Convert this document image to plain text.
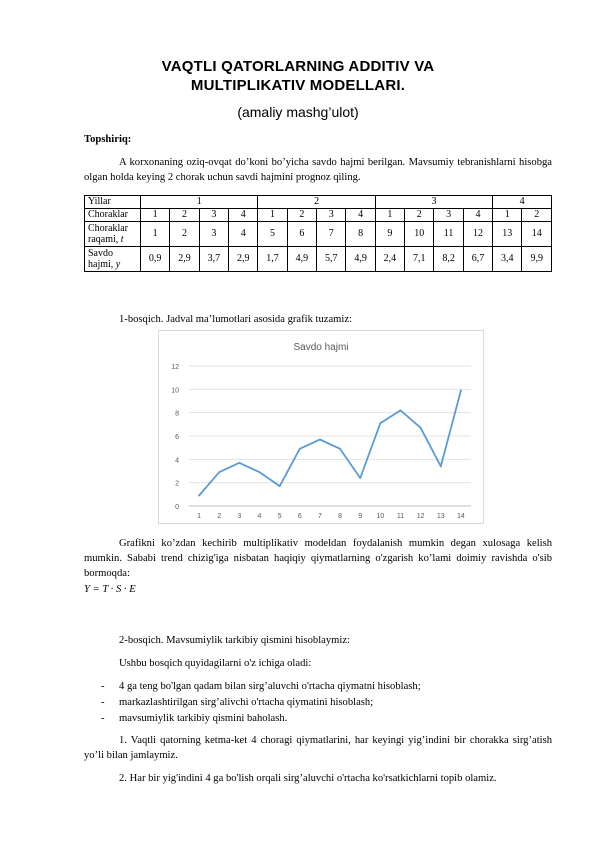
VAQTLI QATORLARNING ADDITIV VA
MULTIPLIKATIV MODELLARI.
(amaliy mashg’ulot)
Topshiriq:
A korxonaning oziq-ovqat do’koni bo’yicha savdo hajmi berilgan. Mavsumiy tebranishlarni hisobga olgan holda keying 2 chorak uchun savdi hajmini prognoz qiling.
Yillar	1				2				3				4	
Choraklar	1	2	3	4	1	2	3	4	1	2	3	4	1	2
Choraklar
raqami, t	1	2	3	4	5	6	7	8	9	10	11	12	13	14
Savdo
hajmi, y	0,9	2,9	3,7	2,9	1,7	4,9	5,7	4,9	2,4	7,1	8,2	6,7	3,4	9,9
1-bosqich. Jadval ma’lumotlari asosida grafik tuzamiz:
Savdo hajmi
0
2
4
6
8
10
12
1 2 3 4 5 6 7 8 9 10 11 12 13 14
Grafikni ko’zdan kechirib multiplikativ modeldan foydalanish mumkin degan xulosaga kelish mumkin. Sababi trend chizig'iga nisbatan haqiqiy qiymatlarning o'zgarish ko’lami doimiy ravishda o'sib bormoqda:
Y = T · S · E
2-bosqich. Mavsumiylik tarkibiy qismini hisoblaymiz:
Ushbu bosqich quyidagilarni o'z ichiga oladi:
- 4 ga teng bo'lgan qadam bilan sirg’aluvchi o'rtacha qiymatni hisoblash;
- markazlashtirilgan sirg’alivchi o'rtacha qiymatini hisoblash;
- mavsumiylik tarkibiy qismini baholash.
1. Vaqtli qatorning ketma-ket 4 choragi qiymatlarini, har keyingi yig’indini bir chorakka sirg’atish yo’li bilan jamlaymiz.
2. Har bir yig'indini 4 ga bo'lish orqali sirg’aluvchi o'rtacha ko'rsatkichlarni topib olamiz.
